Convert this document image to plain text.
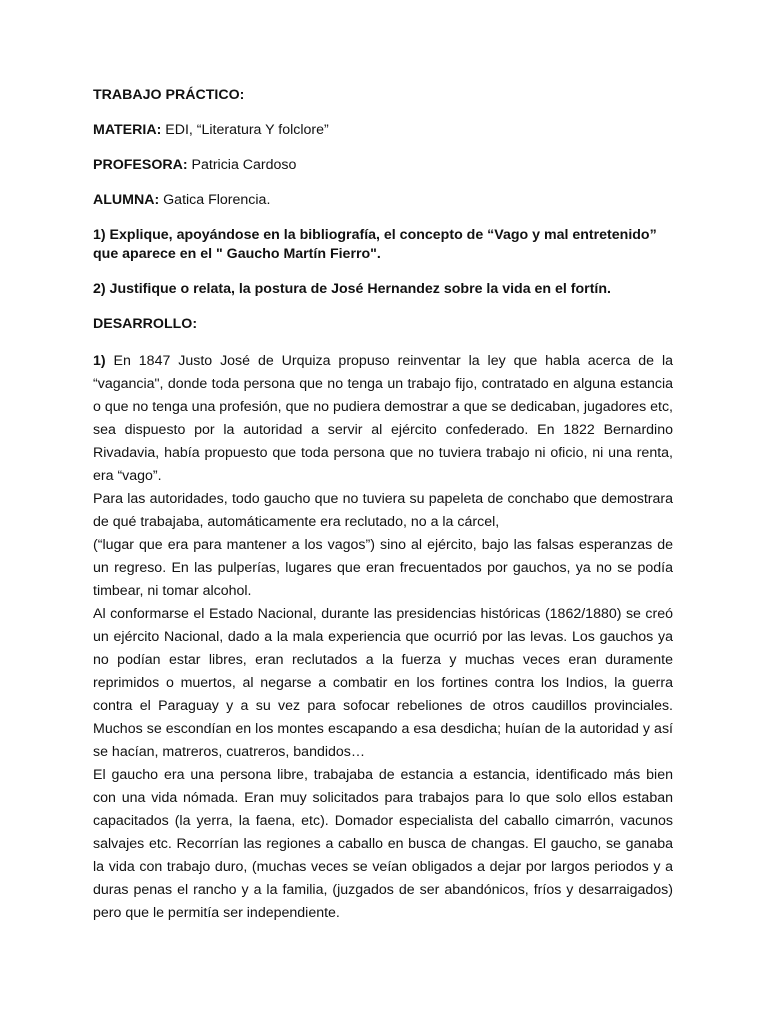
TRABAJO PRÁCTICO:
MATERIA: EDI, “Literatura Y folclore”
PROFESORA: Patricia Cardoso
ALUMNA: Gatica Florencia.
1) Explique, apoyándose en la bibliografía, el concepto de “Vago y mal entretenido”
que aparece en el " Gaucho Martín Fierro".
2) Justifique o relata, la postura de José Hernandez sobre la vida en el fortín.
DESARROLLO:

1) En 1847 Justo José de Urquiza propuso reinventar la ley que habla acerca de la “vagancia", donde toda persona que no tenga un trabajo fijo, contratado en alguna estancia o que no tenga una profesión, que no pudiera demostrar a que se dedicaban, jugadores etc, sea dispuesto por la autoridad a servir al ejército confederado. En 1822 Bernardino Rivadavia, había propuesto que toda persona que no tuviera trabajo ni oficio, ni una renta, era “vago”.

Para las autoridades, todo gaucho que no tuviera su papeleta de conchabo que demostrara de qué trabajaba, automáticamente era reclutado, no a la cárcel,

(“lugar que era para mantener a los vagos”) sino al ejército, bajo las falsas esperanzas de un regreso. En las pulperías, lugares que eran frecuentados por gauchos, ya no se podía timbear, ni tomar alcohol.

Al conformarse el Estado Nacional, durante las presidencias históricas (1862/1880) se creó un ejército Nacional, dado a la mala experiencia que ocurrió por las levas. Los gauchos ya no podían estar libres, eran reclutados a la fuerza y muchas veces eran duramente reprimidos o muertos, al negarse a combatir en los fortines contra los Indios, la guerra contra el Paraguay y a su vez para sofocar rebeliones de otros caudillos provinciales. Muchos se escondían en los montes escapando a esa desdicha; huían de la autoridad y así se hacían, matreros, cuatreros, bandidos…

El gaucho era una persona libre, trabajaba de estancia a estancia, identificado más bien con una vida nómada. Eran muy solicitados para trabajos para lo que solo ellos estaban capacitados (la yerra, la faena, etc). Domador especialista del caballo cimarrón, vacunos salvajes etc. Recorrían las regiones a caballo en busca de changas. El gaucho, se ganaba la vida con trabajo duro, (muchas veces se veían obligados a dejar por largos periodos y a duras penas el rancho y a la familia, (juzgados de ser abandónicos, fríos y desarraigados) pero que le permitía ser independiente.
